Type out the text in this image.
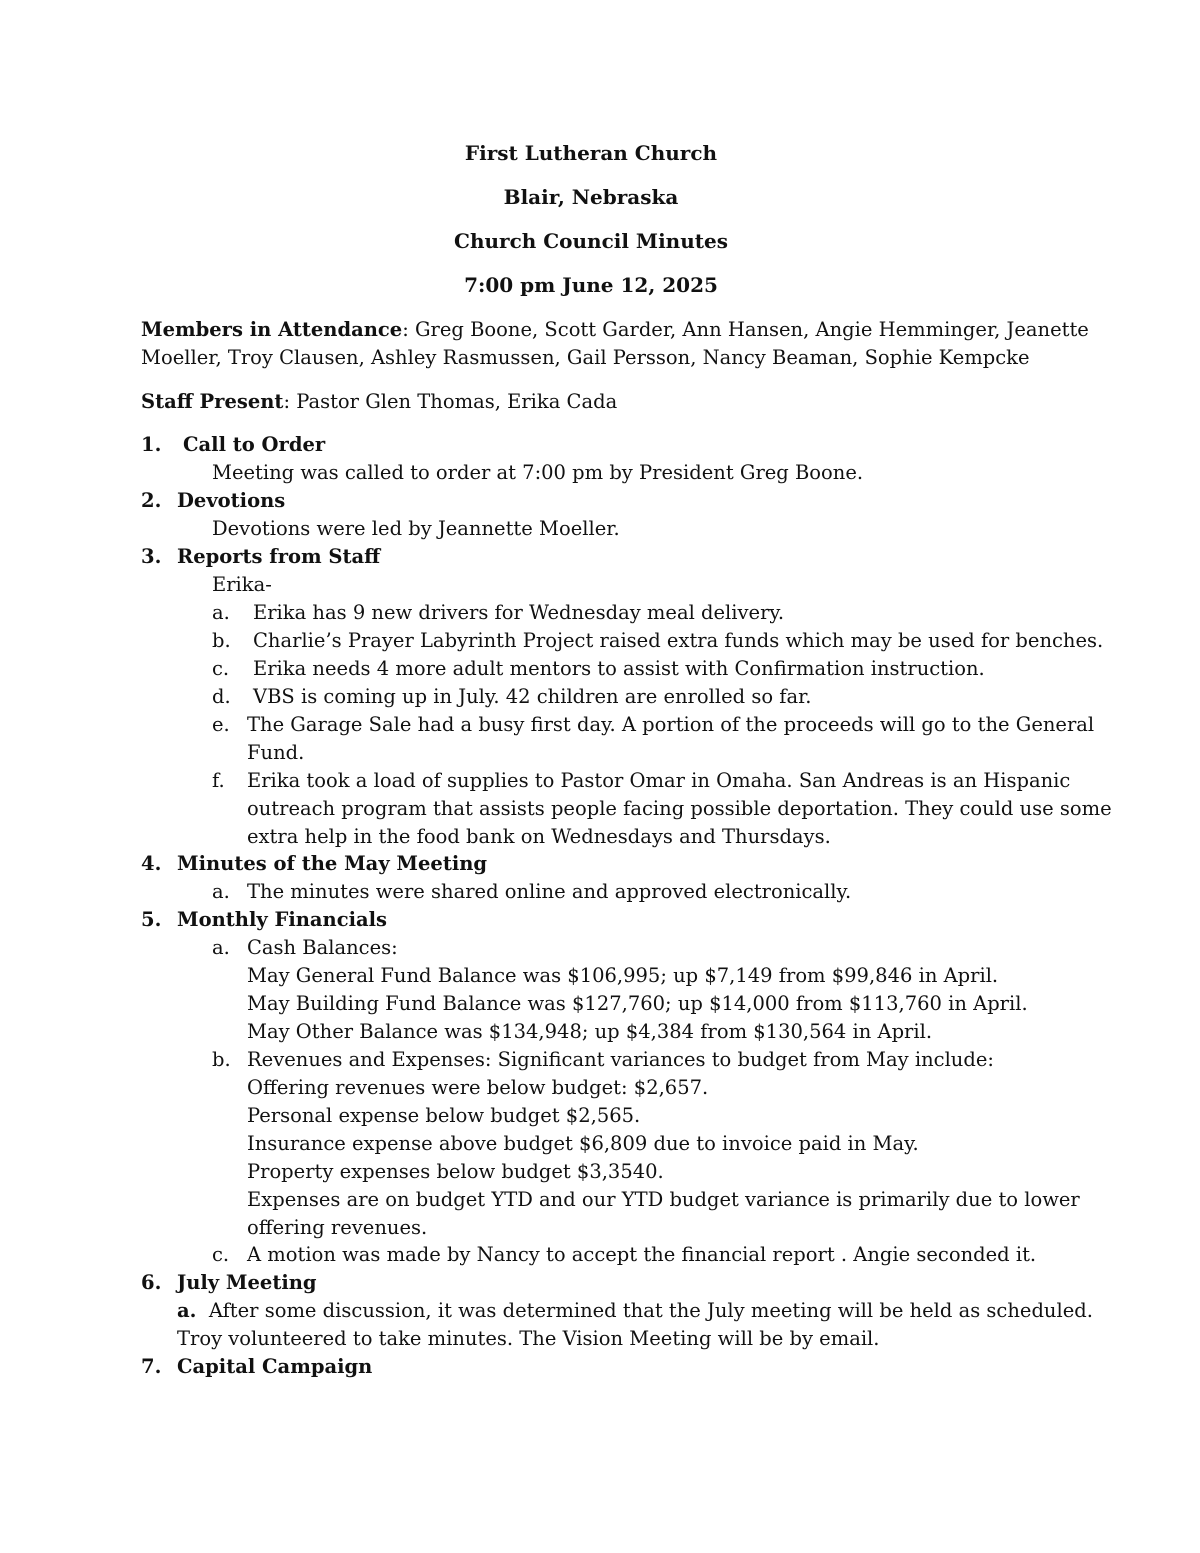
First Lutheran Church
Blair, Nebraska
Church Council Minutes
7:00 pm June 12, 2025
Members in Attendance: Greg Boone, Scott Garder, Ann Hansen, Angie Hemminger, Jeanette
Moeller, Troy Clausen, Ashley Rasmussen, Gail Persson, Nancy Beaman, Sophie Kempcke
Staff Present: Pastor Glen Thomas, Erika Cada
1. Call to Order
Meeting was called to order at 7:00 pm by President Greg Boone.
2. Devotions
Devotions were led by Jeannette Moeller.
3. Reports from Staff
Erika-
a. Erika has 9 new drivers for Wednesday meal delivery.
b. Charlie’s Prayer Labyrinth Project raised extra funds which may be used for benches.
c. Erika needs 4 more adult mentors to assist with Confirmation instruction.
d. VBS is coming up in July. 42 children are enrolled so far.
e. The Garage Sale had a busy first day. A portion of the proceeds will go to the General
Fund.
f. Erika took a load of supplies to Pastor Omar in Omaha. San Andreas is an Hispanic
outreach program that assists people facing possible deportation. They could use some
extra help in the food bank on Wednesdays and Thursdays.
4. Minutes of the May Meeting
a. The minutes were shared online and approved electronically.
5. Monthly Financials
a. Cash Balances:
May General Fund Balance was $106,995; up $7,149 from $99,846 in April.
May Building Fund Balance was $127,760; up $14,000 from $113,760 in April.
May Other Balance was $134,948; up $4,384 from $130,564 in April.
b. Revenues and Expenses: Significant variances to budget from May include:
Offering revenues were below budget: $2,657.
Personal expense below budget $2,565.
Insurance expense above budget $6,809 due to invoice paid in May.
Property expenses below budget $3,3540.
Expenses are on budget YTD and our YTD budget variance is primarily due to lower
offering revenues.
c. A motion was made by Nancy to accept the financial report . Angie seconded it.
6. July Meeting
a. After some discussion, it was determined that the July meeting will be held as scheduled.
Troy volunteered to take minutes. The Vision Meeting will be by email.
7. Capital Campaign
